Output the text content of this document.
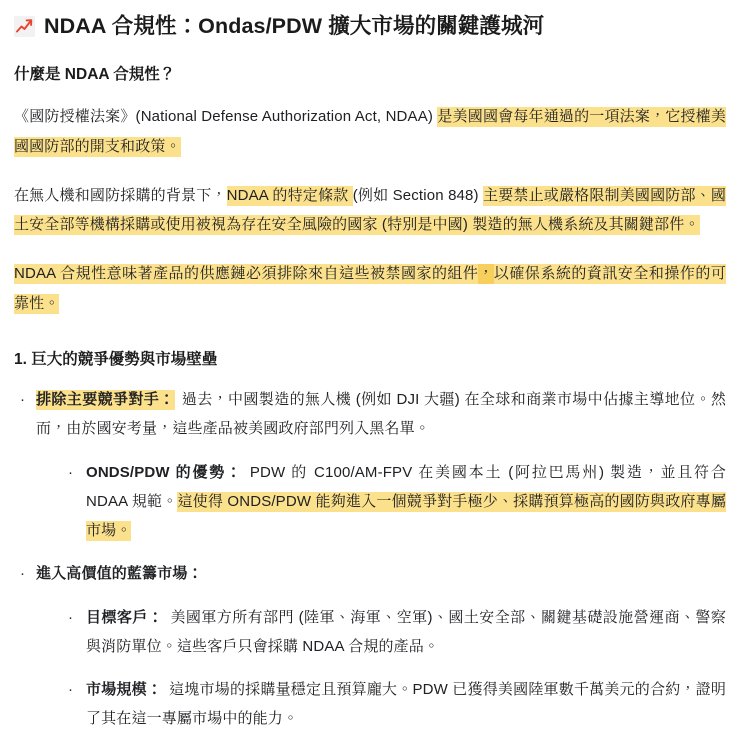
NDAA 合規性：Ondas/PDW 擴大市場的關鍵護城河
什麼是 NDAA 合規性？

《國防授權法案》(National Defense Authorization Act, NDAA) 是美國國會每年通過的一項法案，它授權美國國防部的開支和政策。

在無人機和國防採購的背景下，NDAA 的特定條款 (例如 Section 848) 主要禁止或嚴格限制美國國防部、國土安全部等機構採購或使用被視為存在安全風險的國家 (特別是中國) 製造的無人機系統及其關鍵部件。

NDAA 合規性意味著產品的供應鏈必須排除來自這些被禁國家的組件，以確保系統的資訊安全和操作的可靠性。

1. 巨大的競爭優勢與市場壁壘
· 排除主要競爭對手： 過去，中國製造的無人機 (例如 DJI 大疆) 在全球和商業市場中佔據主導地位。然而，由於國安考量，這些產品被美國政府部門列入黑名單。
· ONDS/PDW 的優勢： PDW 的 C100/AM-FPV 在美國本土 (阿拉巴馬州) 製造，並且符合 NDAA 規範。這使得 ONDS/PDW 能夠進入一個競爭對手極少、採購預算極高的國防與政府專屬市場。
· 進入高價值的藍籌市場：
· 目標客戶： 美國軍方所有部門 (陸軍、海軍、空軍)、國土安全部、關鍵基礎設施營運商、警察與消防單位。這些客戶只會採購 NDAA 合規的產品。
· 市場規模： 這塊市場的採購量穩定且預算龐大。PDW 已獲得美國陸軍數千萬美元的合約，證明了其在這一專屬市場中的能力。
